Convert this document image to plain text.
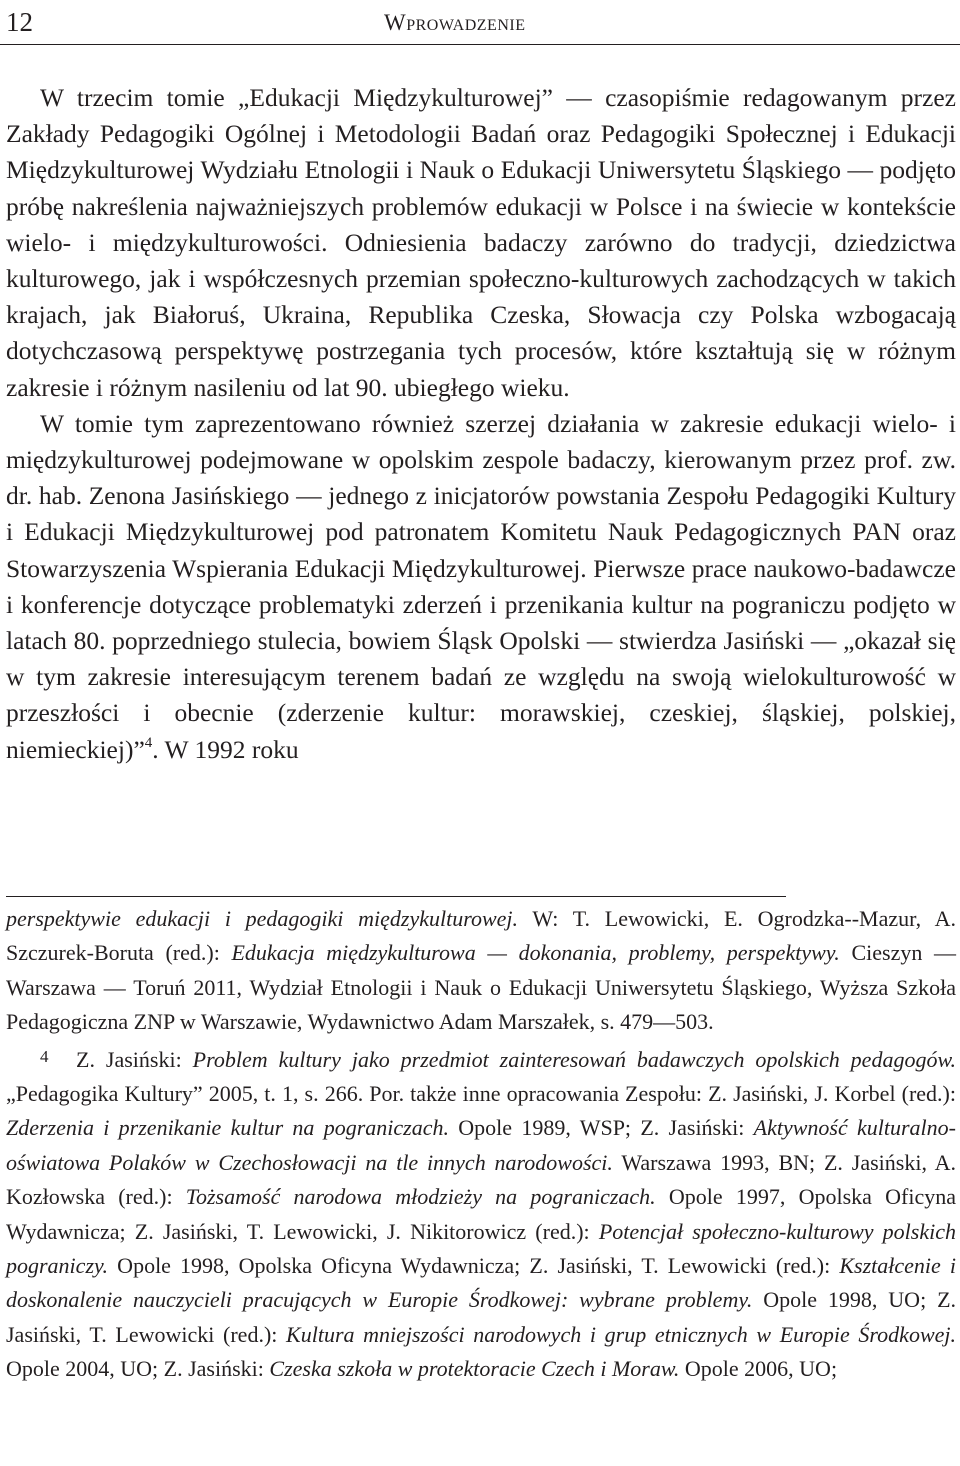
12	Wprowadzenie

W trzecim tomie „Edukacji Międzykulturowej” — czasopiśmie redagowanym przez Zakłady Pedagogiki Ogólnej i Metodologii Badań oraz Pedagogiki Społecznej i Edukacji Międzykulturowej Wydziału Etnologii i Nauk o Edukacji Uniwersytetu Śląskiego — podjęto próbę nakreślenia najważniejszych problemów edukacji w Polsce i na świecie w kontekście wielo- i międzykulturowości. Odniesienia badaczy zarówno do tradycji, dziedzictwa kulturowego, jak i współczesnych przemian społeczno-kulturowych zachodzących w takich krajach, jak Białoruś, Ukraina, Republika Czeska, Słowacja czy Polska wzbogacają dotychczasową perspektywę postrzegania tych procesów, które kształtują się w różnym zakresie i różnym nasileniu od lat 90. ubiegłego wieku.

W tomie tym zaprezentowano również szerzej działania w zakresie edukacji wielo- i międzykulturowej podejmowane w opolskim zespole badaczy, kierowanym przez prof. zw. dr. hab. Zenona Jasińskiego — jednego z inicjatorów powstania Zespołu Pedagogiki Kultury i Edukacji Międzykulturowej pod patronatem Komitetu Nauk Pedagogicznych PAN oraz Stowarzyszenia Wspierania Edukacji Międzykulturowej. Pierwsze prace naukowo-badawcze i konferencje dotyczące problematyki zderzeń i przenikania kultur na pograniczu podjęto w latach 80. poprzedniego stulecia, bowiem Śląsk Opolski — stwierdza Jasiński — „okazał się w tym zakresie interesującym terenem badań ze względu na swoją wielokulturowość w przeszłości i obecnie (zderzenie kultur: morawskiej, czeskiej, śląskiej, polskiej, niemieckiej)”$^4$. W 1992 roku

perspektywie edukacji i pedagogiki międzykulturowej. W: T. Lewowicki, E. Ogrodzka--Mazur, A. Szczurek-Boruta (red.): Edukacja międzykulturowa — dokonania, problemy, perspektywy. Cieszyn — Warszawa — Toruń 2011, Wydział Etnologii i Nauk o Edukacji Uniwersytetu Śląskiego, Wyższa Szkoła Pedagogiczna ZNP w Warszawie, Wydawnictwo Adam Marszałek, s. 479—503.

4 Z. Jasiński: Problem kultury jako przedmiot zainteresowań badawczych opolskich pedagogów. „Pedagogika Kultury” 2005, t. 1, s. 266. Por. także inne opracowania Zespołu: Z. Jasiński, J. Korbel (red.): Zderzenia i przenikanie kultur na pograniczach. Opole 1989, WSP; Z. Jasiński: Aktywność kulturalno-oświatowa Polaków w Czechosłowacji na tle innych narodowości. Warszawa 1993, BN; Z. Jasiński, A. Kozłowska (red.): Tożsamość narodowa młodzieży na pograniczach. Opole 1997, Opolska Oficyna Wydawnicza; Z. Jasiński, T. Lewowicki, J. Nikitorowicz (red.): Potencjał społeczno-kulturowy polskich pograniczy. Opole 1998, Opolska Oficyna Wydawnicza; Z. Jasiński, T. Lewowicki (red.): Kształcenie i doskonalenie nauczycieli pracujących w Europie Środkowej: wybrane problemy. Opole 1998, UO; Z. Jasiński, T. Lewowicki (red.): Kultura mniejszości narodowych i grup etnicznych w Europie Środkowej. Opole 2004, UO; Z. Jasiński: Czeska szkoła w protektoracie Czech i Moraw. Opole 2006, UO;
